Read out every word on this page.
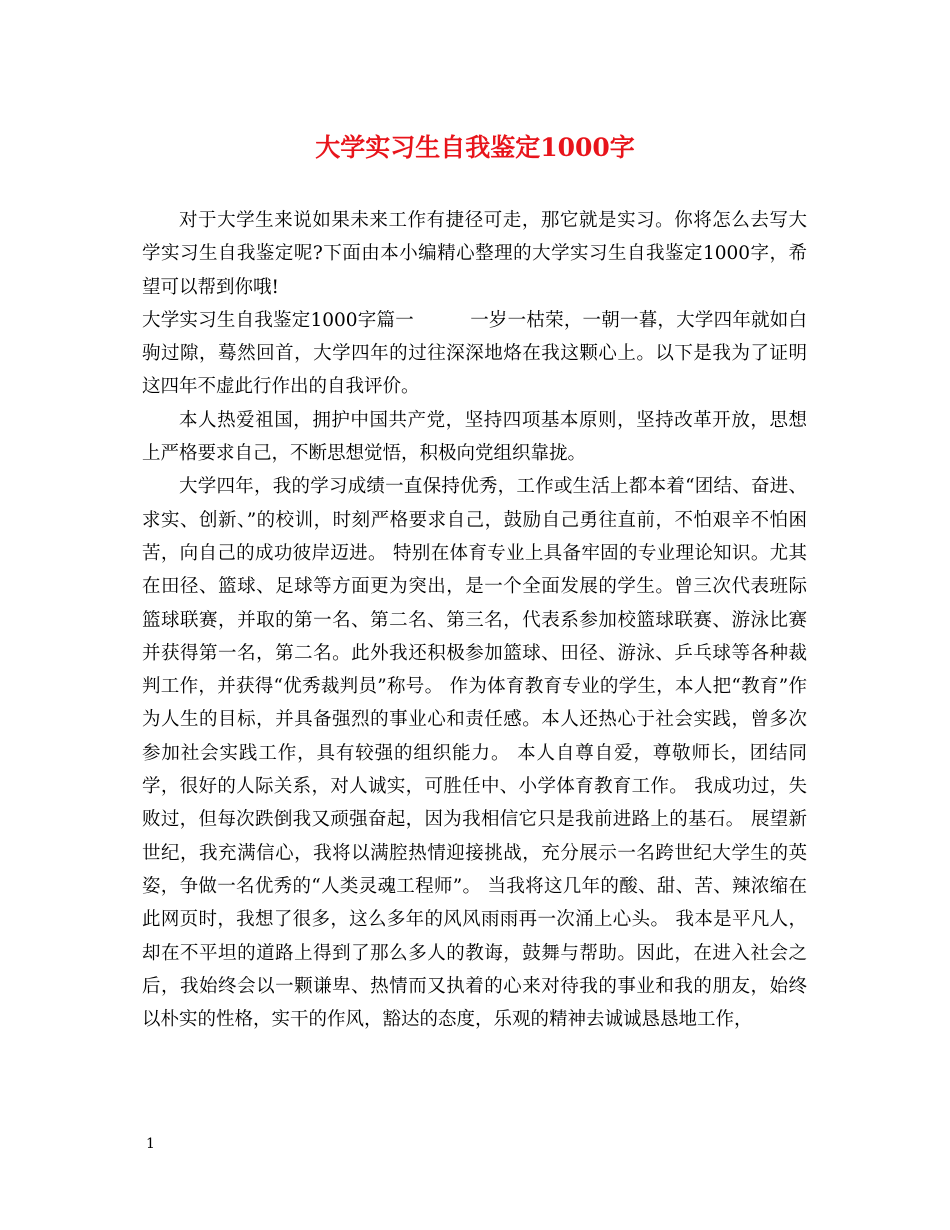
大学实习生自我鉴定1000字

对于大学生来说如果未来工作有捷径可走，那它就是实习。你将怎么去写大学实习生自我鉴定呢?下面由本小编精心整理的大学实习生自我鉴定1000字，希望可以帮到你哦!

大学实习生自我鉴定1000字篇一	一岁一枯荣，一朝一暮，大学四年就如白驹过隙，蓦然回首，大学四年的过往深深地烙在我这颗心上。以下是我为了证明这四年不虚此行作出的自我评价。

本人热爱祖国，拥护中国共产党，坚持四项基本原则，坚持改革开放，思想上严格要求自己，不断思想觉悟，积极向党组织靠拢。

大学四年，我的学习成绩一直保持优秀，工作或生活上都本着“团结、奋进、求实、创新、”的校训，时刻严格要求自己，鼓励自己勇往直前，不怕艰辛不怕困苦，向自己的成功彼岸迈进。 特别在体育专业上具备牢固的专业理论知识。尤其在田径、篮球、足球等方面更为突出，是一个全面发展的学生。曾三次代表班际篮球联赛，并取的第一名、第二名、第三名，代表系参加校篮球联赛、游泳比赛并获得第一名，第二名。此外我还积极参加篮球、田径、游泳、乒乓球等各种裁判工作，并获得“优秀裁判员”称号。 作为体育教育专业的学生，本人把“教育”作为人生的目标，并具备强烈的事业心和责任感。本人还热心于社会实践，曾多次参加社会实践工作，具有较强的组织能力。 本人自尊自爱，尊敬师长，团结同学，很好的人际关系，对人诚实，可胜任中、小学体育教育工作。 我成功过，失败过，但每次跌倒我又顽强奋起，因为我相信它只是我前进路上的基石。 展望新世纪，我充满信心，我将以满腔热情迎接挑战，充分展示一名跨世纪大学生的英姿，争做一名优秀的“人类灵魂工程师”。 当我将这几年的酸、甜、苦、辣浓缩在此网页时，我想了很多，这么多年的风风雨雨再一次涌上心头。 我本是平凡人，却在不平坦的道路上得到了那么多人的教诲，鼓舞与帮助。因此，在进入社会之后，我始终会以一颗谦卑、热情而又执着的心来对待我的事业和我的朋友，始终以朴实的性格，实干的作风，豁达的态度，乐观的精神去诚诚恳恳地工作，

1
